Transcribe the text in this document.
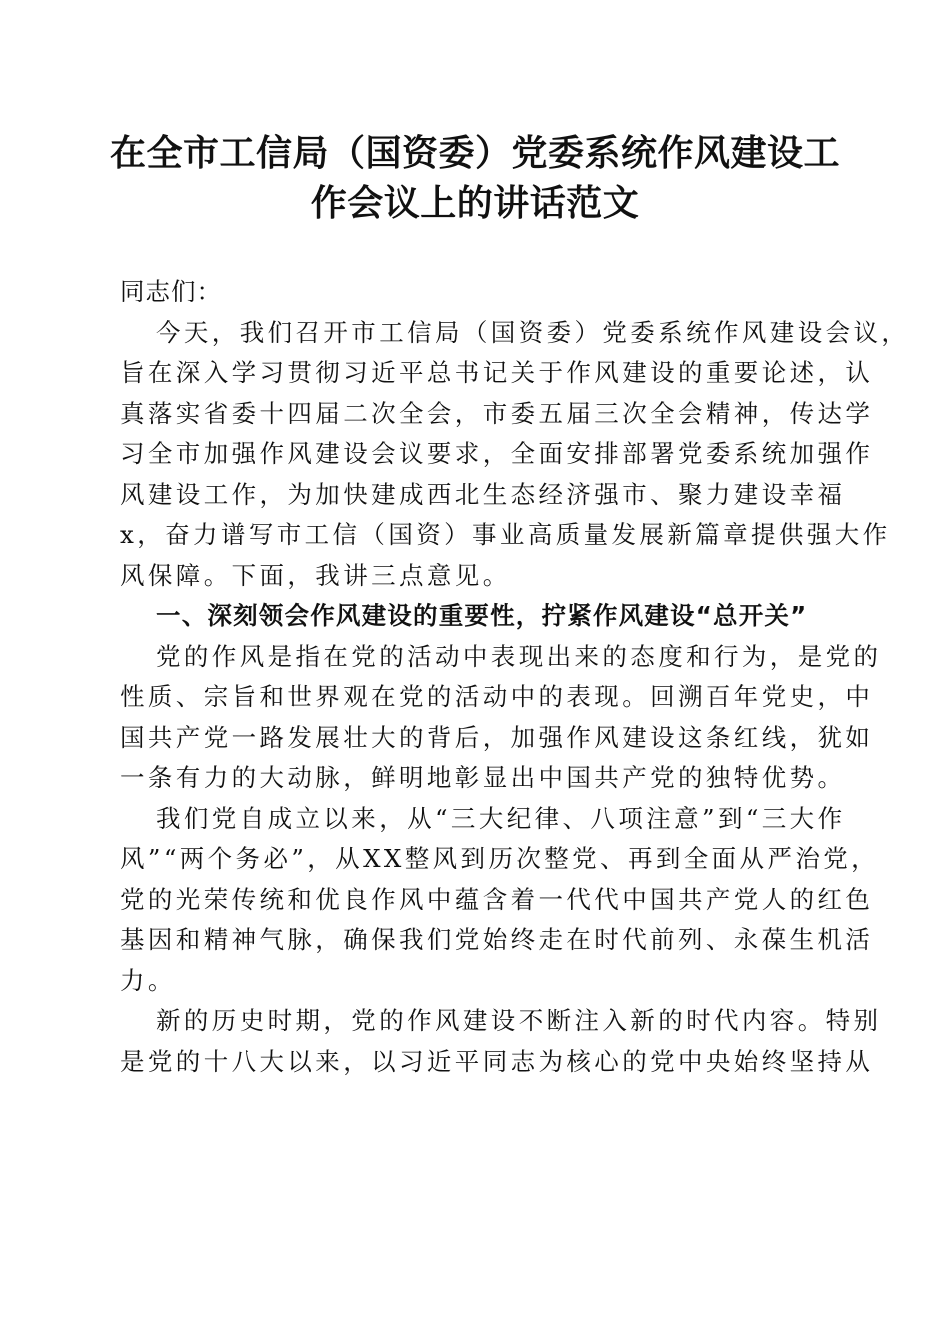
在全市工信局（国资委）党委系统作风建设工
作会议上的讲话范文

同志们：

今天，我们召开市工信局（国资委）党委系统作风建设会议，
旨在深入学习贯彻习近平总书记关于作风建设的重要论述，认
真落实省委十四届二次全会，市委五届三次全会精神，传达学
习全市加强作风建设会议要求，全面安排部署党委系统加强作
风建设工作，为加快建成西北生态经济强市、聚力建设幸福
x，奋力谱写市工信（国资）事业高质量发展新篇章提供强大作
风保障。下面，我讲三点意见。

一、深刻领会作风建设的重要性，拧紧作风建设“总开关”

党的作风是指在党的活动中表现出来的态度和行为，是党的
性质、宗旨和世界观在党的活动中的表现。回溯百年党史，中
国共产党一路发展壮大的背后，加强作风建设这条红线，犹如
一条有力的大动脉，鲜明地彰显出中国共产党的独特优势。

我们党自成立以来，从“三大纪律、八项注意”到“三大作
风”“两个务必”，从XX整风到历次整党、再到全面从严治党，
党的光荣传统和优良作风中蕴含着一代代中国共产党人的红色
基因和精神气脉，确保我们党始终走在时代前列、永葆生机活
力。

新的历史时期，党的作风建设不断注入新的时代内容。特别
是党的十八大以来，以习近平同志为核心的党中央始终坚持从
